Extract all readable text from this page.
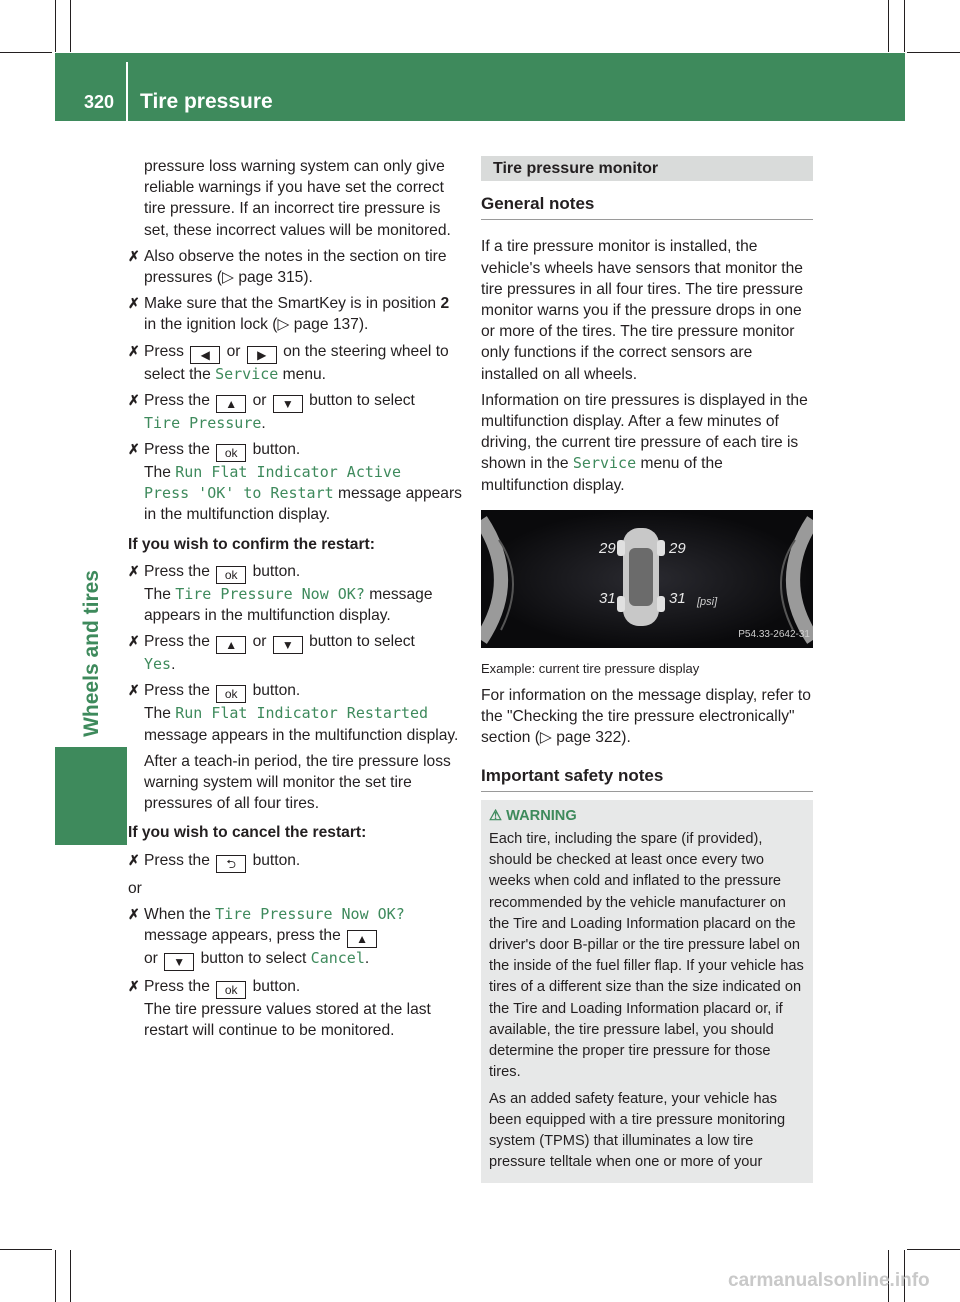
320 Tire pressure
Wheels and tires
pressure loss warning system can only give reliable warnings if you have set the correct tire pressure. If an incorrect tire pressure is set, these incorrect values will be monitored.
✗ Also observe the notes in the section on tire pressures (▷ page 315).
✗ Make sure that the SmartKey is in position 2 in the ignition lock (▷ page 137).
✗ Press ◀ or ▶ on the steering wheel to select the Service menu.
✗ Press the ▲ or ▼ button to select
Tire Pressure.
✗ Press the ok button.
The Run Flat Indicator Active
Press 'OK' to Restart message appears in the multifunction display.
If you wish to confirm the restart:
✗ Press the ok button.
The Tire Pressure Now OK? message appears in the multifunction display.
✗ Press the ▲ or ▼ button to select
Yes.
✗ Press the ok button.
The Run Flat Indicator Restarted message appears in the multifunction display.
After a teach-in period, the tire pressure loss warning system will monitor the set tire pressures of all four tires.
If you wish to cancel the restart:
✗ Press the ⮌ button.
or
✗ When the Tire Pressure Now OK?
message appears, press the ▲
or ▼ button to select Cancel.
✗ Press the ok button.
The tire pressure values stored at the last restart will continue to be monitored.
Tire pressure monitor
General notes
If a tire pressure monitor is installed, the vehicle's wheels have sensors that monitor the tire pressures in all four tires. The tire pressure monitor warns you if the pressure drops in one or more of the tires. The tire pressure monitor only functions if the correct sensors are installed on all wheels.
Information on tire pressures is displayed in the multifunction display. After a few minutes of driving, the current tire pressure of each tire is shown in the Service menu of the multifunction display.
29	29
31	31 [psi]
P54.33-2642-31
Example: current tire pressure display
For information on the message display, refer to the "Checking the tire pressure electronically" section (▷ page 322).
Important safety notes
⚠ WARNING
Each tire, including the spare (if provided), should be checked at least once every two weeks when cold and inflated to the pressure recommended by the vehicle manufacturer on the Tire and Loading Information placard on the driver's door B-pillar or the tire pressure label on the inside of the fuel filler flap. If your vehicle has tires of a different size than the size indicated on the Tire and Loading Information placard or, if available, the tire pressure label, you should determine the proper tire pressure for those tires.
As an added safety feature, your vehicle has been equipped with a tire pressure monitoring system (TPMS) that illuminates a low tire pressure telltale when one or more of your
carmanualsonline.info
